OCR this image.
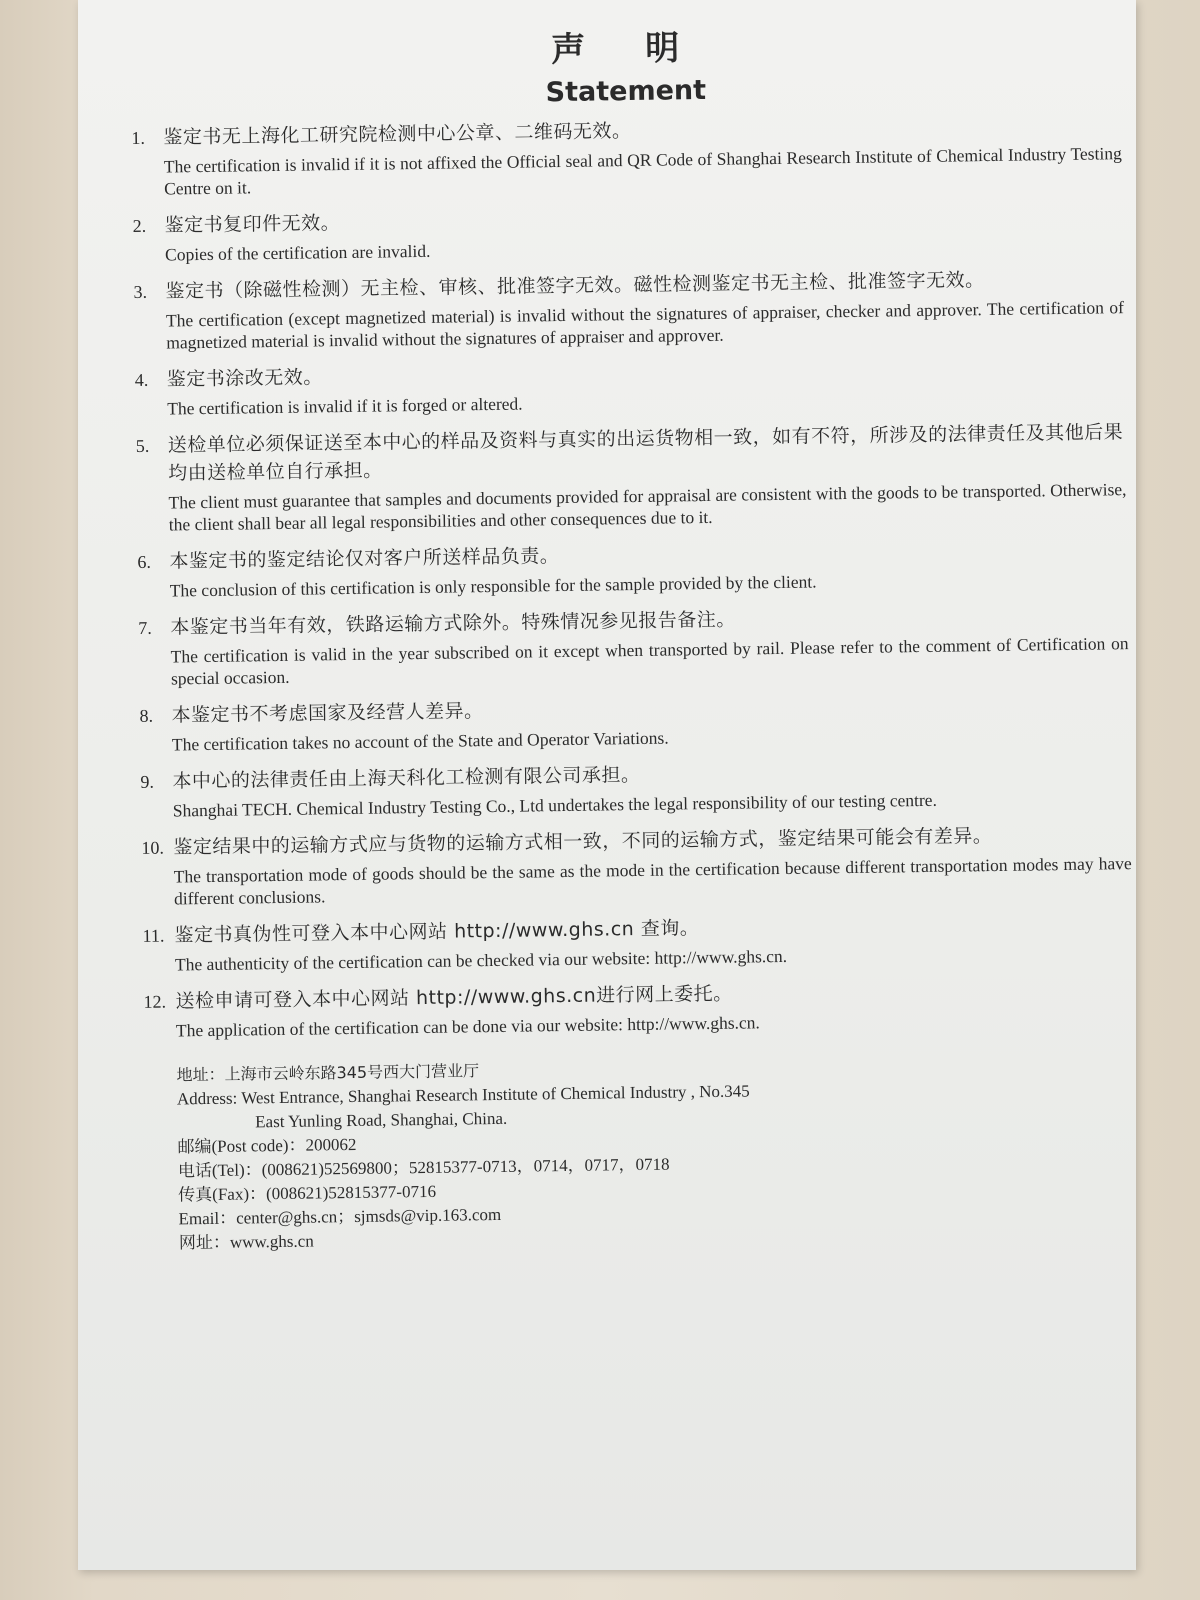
声明
Statement
1. 鉴定书无上海化工研究院检测中心公章、二维码无效。
The certification is invalid if it is not affixed the Official seal and QR Code of Shanghai Research Institute of Chemical Industry Testing Centre on it.
2. 鉴定书复印件无效。
Copies of the certification are invalid.
3. 鉴定书（除磁性检测）无主检、审核、批准签字无效。磁性检测鉴定书无主检、批准签字无效。
The certification (except magnetized material) is invalid without the signatures of appraiser, checker and approver. The certification of magnetized material is invalid without the signatures of appraiser and approver.
4. 鉴定书涂改无效。
The certification is invalid if it is forged or altered.
5. 送检单位必须保证送至本中心的样品及资料与真实的出运货物相一致，如有不符，所涉及的法律责任及其他后果均由送检单位自行承担。
The client must guarantee that samples and documents provided for appraisal are consistent with the goods to be transported. Otherwise, the client shall bear all legal responsibilities and other consequences due to it.
6. 本鉴定书的鉴定结论仅对客户所送样品负责。
The conclusion of this certification is only responsible for the sample provided by the client.
7. 本鉴定书当年有效，铁路运输方式除外。特殊情况参见报告备注。
The certification is valid in the year subscribed on it except when transported by rail. Please refer to the comment of Certification on special occasion.
8. 本鉴定书不考虑国家及经营人差异。
The certification takes no account of the State and Operator Variations.
9. 本中心的法律责任由上海天科化工检测有限公司承担。
Shanghai TECH. Chemical Industry Testing Co., Ltd undertakes the legal responsibility of our testing centre.
10. 鉴定结果中的运输方式应与货物的运输方式相一致，不同的运输方式，鉴定结果可能会有差异。
The transportation mode of goods should be the same as the mode in the certification because different transportation modes may have different conclusions.
11. 鉴定书真伪性可登入本中心网站 http://www.ghs.cn 查询。
The authenticity of the certification can be checked via our website: http://www.ghs.cn.
12. 送检申请可登入本中心网站 http://www.ghs.cn进行网上委托。
The application of the certification can be done via our website: http://www.ghs.cn.
地址：上海市云岭东路345号西大门营业厅
Address: West Entrance, Shanghai Research Institute of Chemical Industry , No.345
East Yunling Road, Shanghai, China.
邮编(Post code)：200062
电话(Tel)：(008621)52569800；52815377-0713，0714，0717，0718
传真(Fax)：(008621)52815377-0716
Email：center@ghs.cn；sjmsds@vip.163.com
网址：www.ghs.cn
